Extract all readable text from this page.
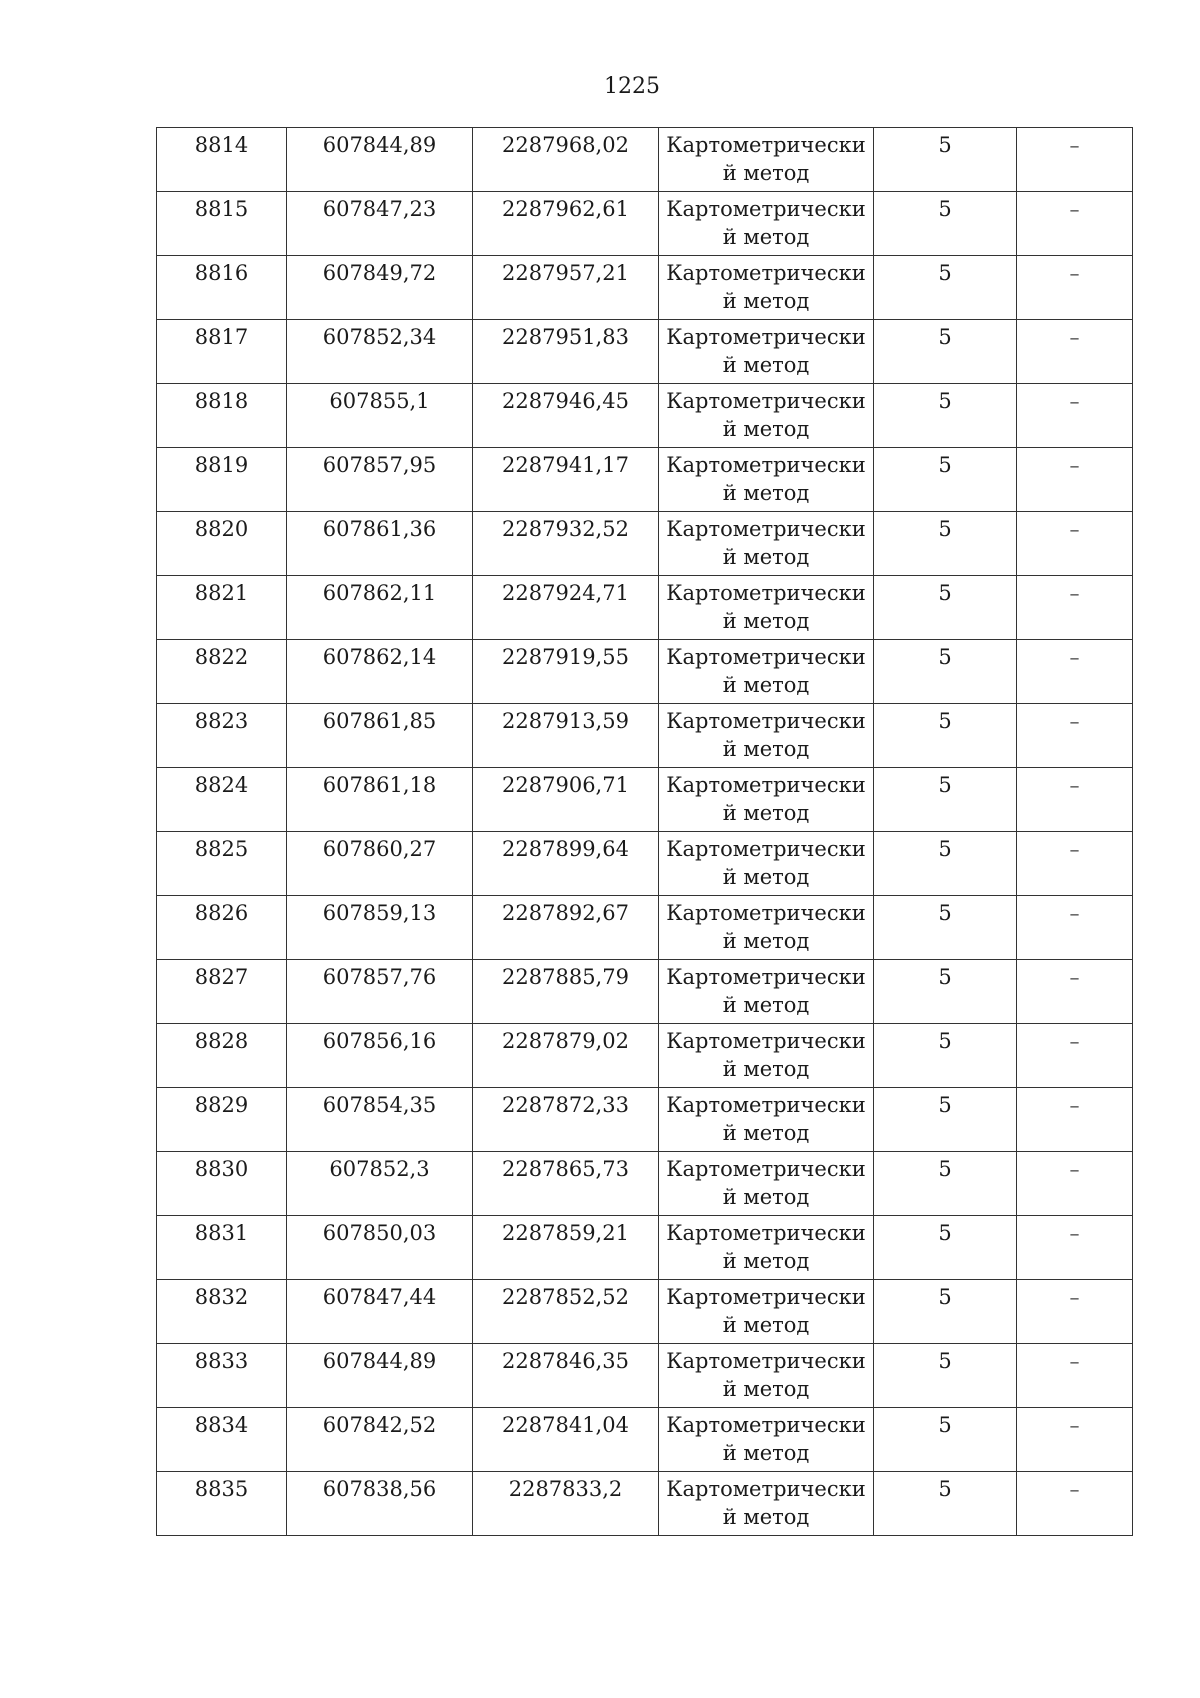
1225
8814	607844,89	2287968,02	Картометрически
й метод	5	–

8815	607847,23	2287962,61	Картометрически
й метод	5	–

8816	607849,72	2287957,21	Картометрически
й метод	5	–

8817	607852,34	2287951,83	Картометрически
й метод	5	–

8818	607855,1	2287946,45	Картометрически
й метод	5	–

8819	607857,95	2287941,17	Картометрически
й метод	5	–

8820	607861,36	2287932,52	Картометрически
й метод	5	–

8821	607862,11	2287924,71	Картометрически
й метод	5	–

8822	607862,14	2287919,55	Картометрически
й метод	5	–

8823	607861,85	2287913,59	Картометрически
й метод	5	–

8824	607861,18	2287906,71	Картометрически
й метод	5	–

8825	607860,27	2287899,64	Картометрически
й метод	5	–

8826	607859,13	2287892,67	Картометрически
й метод	5	–

8827	607857,76	2287885,79	Картометрически
й метод	5	–

8828	607856,16	2287879,02	Картометрически
й метод	5	–

8829	607854,35	2287872,33	Картометрически
й метод	5	–

8830	607852,3	2287865,73	Картометрически
й метод	5	–

8831	607850,03	2287859,21	Картометрически
й метод	5	–

8832	607847,44	2287852,52	Картометрически
й метод	5	–

8833	607844,89	2287846,35	Картометрически
й метод	5	–

8834	607842,52	2287841,04	Картометрически
й метод	5	–

8835	607838,56	2287833,2	Картометрически
й метод	5	–
